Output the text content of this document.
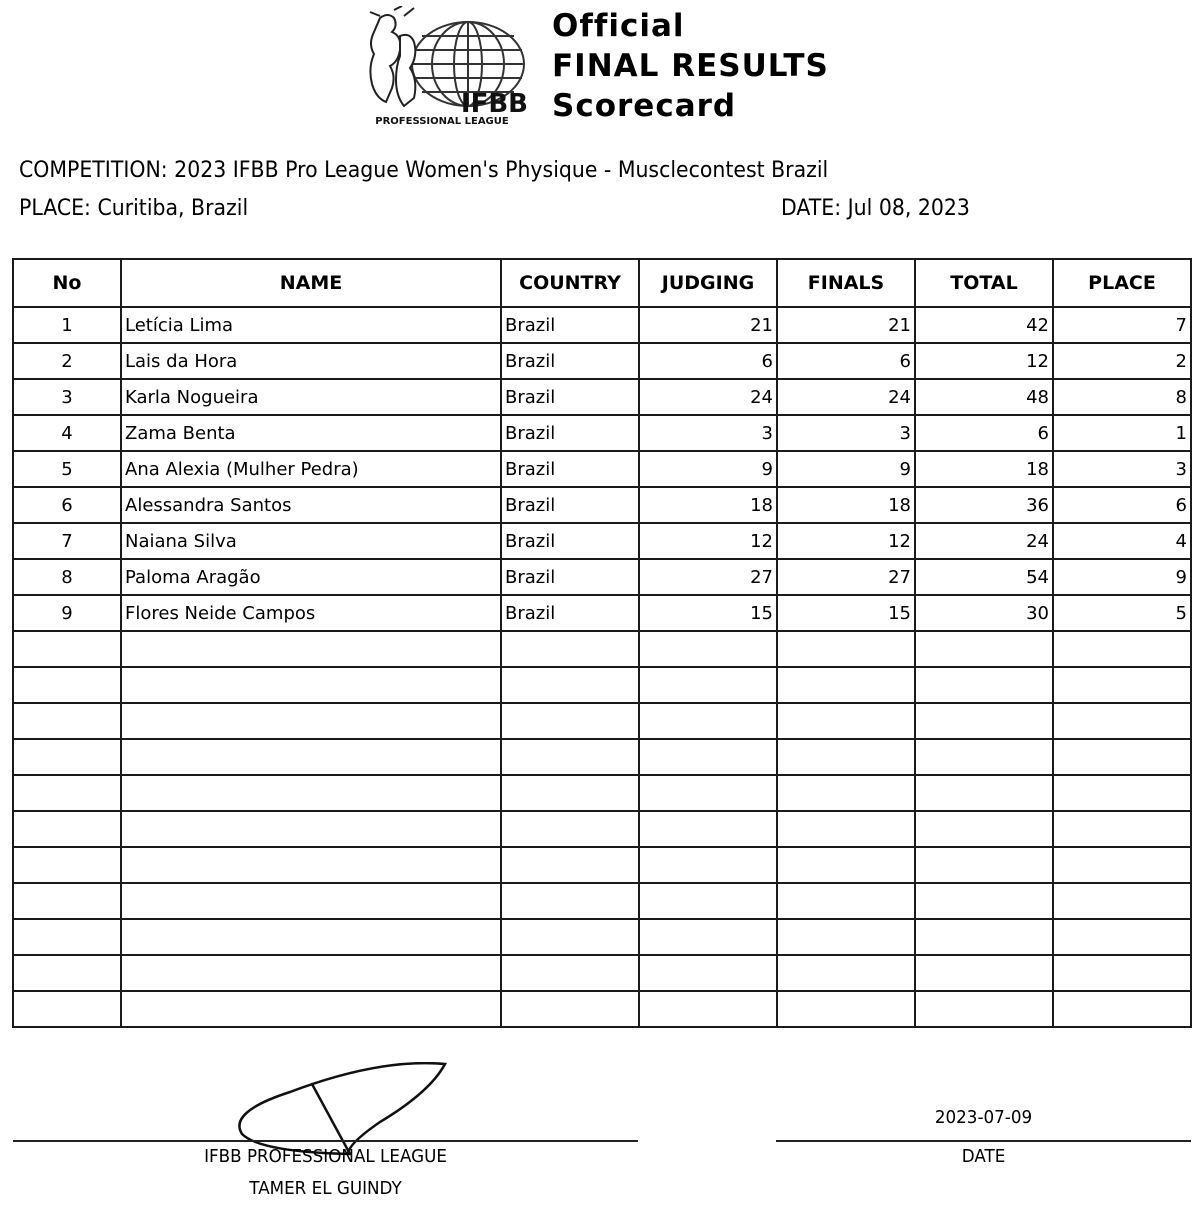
IFBB
PROFESSIONAL LEAGUE
Official
FINAL RESULTS
Scorecard
COMPETITION: 2023 IFBB Pro League Women's Physique - Musclecontest Brazil
PLACE: Curitiba, Brazil	DATE: Jul 08, 2023
No	NAME	COUNTRY	JUDGING	FINALS	TOTAL	PLACE
1	Letícia Lima	Brazil	21	21	42	7
2	Lais da Hora	Brazil	6	6	12	2
3	Karla Nogueira	Brazil	24	24	48	8
4	Zama Benta	Brazil	3	3	6	1
5	Ana Alexia (Mulher Pedra)	Brazil	9	9	18	3
6	Alessandra Santos	Brazil	18	18	36	6
7	Naiana Silva	Brazil	12	12	24	4
8	Paloma Aragão	Brazil	27	27	54	9
9	Flores Neide Campos	Brazil	15	15	30	5

IFBB PROFESSIONAL LEAGUE
TAMER EL GUINDY
2023-07-09
DATE
